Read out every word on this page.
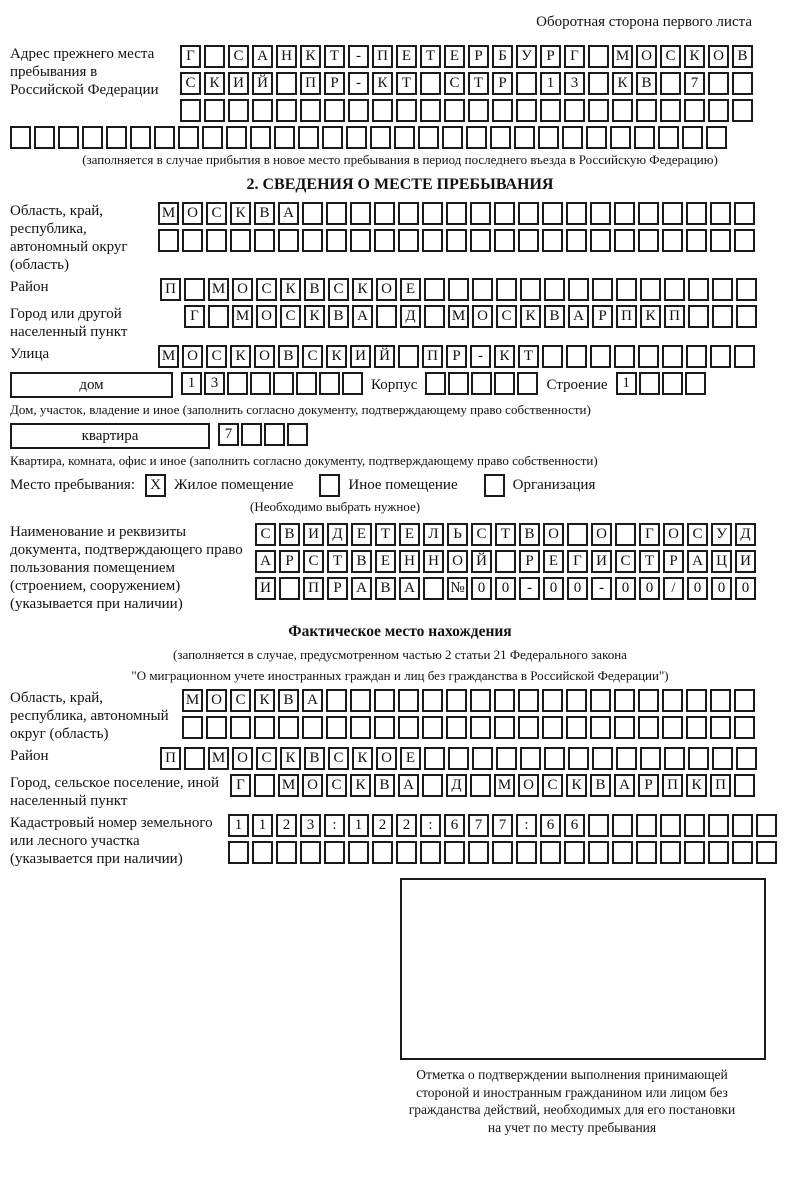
Оборотная сторона первого листа
Адрес прежнего места пребывания в Российской Федерации
Г	С А Н К Т	-	П Е Т Е	Р	Б У Р	Г	М О С К О В
С К И Й	П Р	-	К Т	С Т	Р	1	3	К В	7
(заполняется в случае прибытия в новое место пребывания в период последнего въезда в Российскую Федерацию)
2. СВЕДЕНИЯ О МЕСТЕ ПРЕБЫВАНИЯ
Область, край, республика, автономный округ (область)
М О С К В А
Район	П	М О С К В С К О Е
Город или другой населенный пункт
Г	М О С К В А	Д	М О С К В А Р П К П
Улица	М О С К О В С К И Й	П Р	-	К Т
дом	1	3	Корпус	Строение 1
Дом, участок, владение и иное (заполнить согласно документу, подтверждающему право собственности)
квартира	7
Квартира, комната, офис и иное (заполнить согласно документу, подтверждающему право собственности)
Место пребывания:	X Жилое помещение	Иное помещение	Организация
(Необходимо выбрать нужное)
Наименование и реквизиты документа, подтверждающего право пользования помещением (строением, сооружением) (указывается при наличии)
С В И Д Е Т Е Л Ь С Т В О	О	Г О С У Д
А Р С Т В Е Н Н О Й	Р	Е	Г И С Т	Р А Ц И
И	П Р А В А	№ 0	0	-	0	0	-	0	0	/	0	0	0
Фактическое место нахождения
(заполняется в случае, предусмотренном частью 2 статьи 21 Федерального закона
"О миграционном учете иностранных граждан и лиц без гражданства в Российской Федерации")
Область, край, республика, автономный округ (область)
М О С К В А
Район	П	М О С К В С К О Е
Город, сельское поселение, иной населенный пункт
Г	М О С К В А	Д	М О С К В А Р П К П
Кадастровый номер земельного или лесного участка (указывается при наличии)
1	1	2	3	:	1	2	2	:	6	7	7	:	6	6
Отметка о подтверждении выполнения принимающей
стороной и иностранным гражданином или лицом без
гражданства действий, необходимых для его постановки
на учет по месту пребывания
